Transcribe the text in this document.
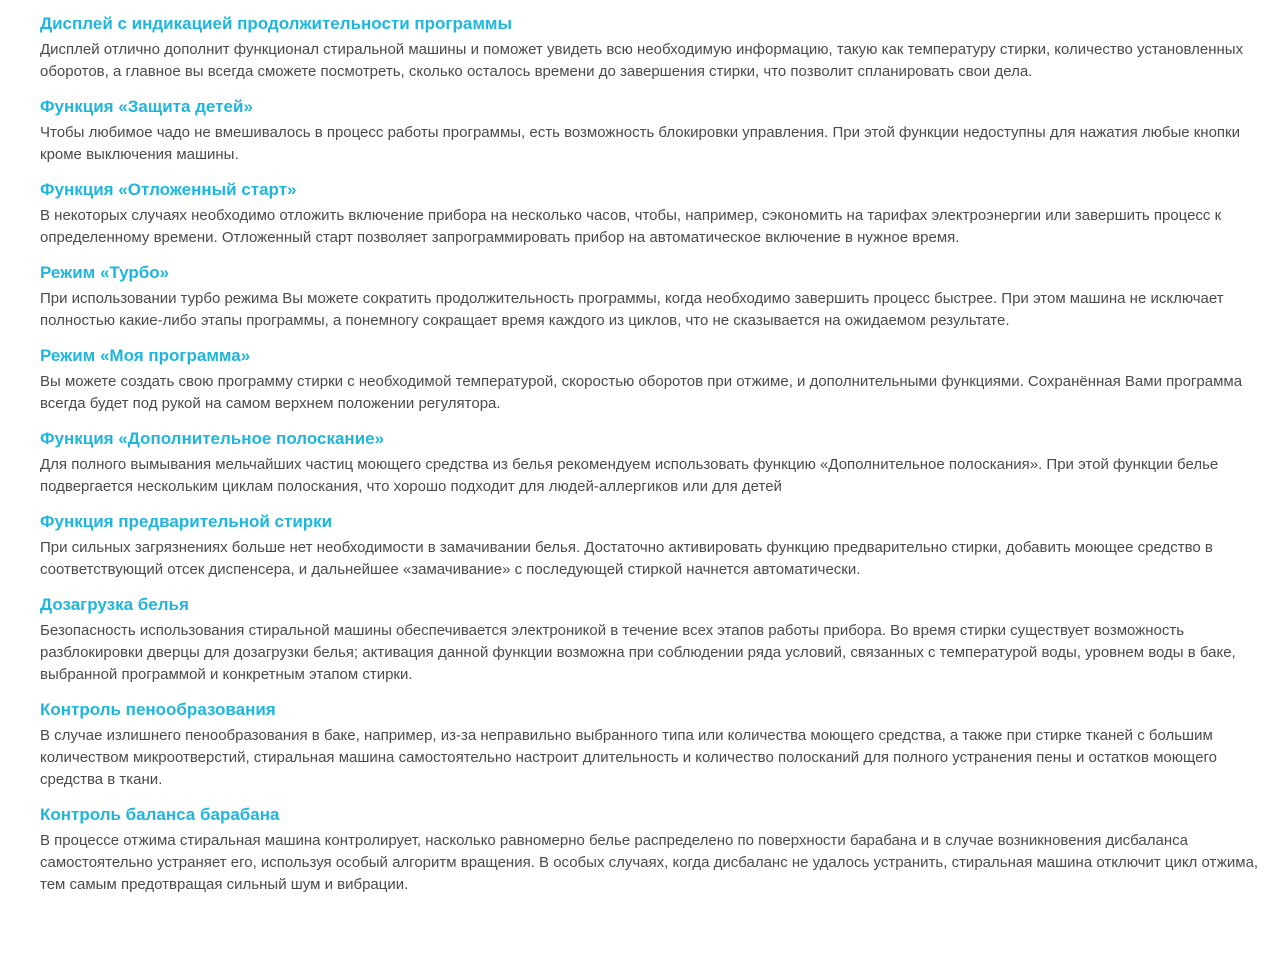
Дисплей с индикацией продолжительности программы

Дисплей отлично дополнит функционал стиральной машины и поможет увидеть всю необходимую информацию, такую как температуру стирки, количество установленных оборотов, а главное вы всегда сможете посмотреть, сколько осталось времени до завершения стирки, что позволит спланировать свои дела.

Функция «Защита детей»

Чтобы любимое чадо не вмешивалось в процесс работы программы, есть возможность блокировки управления. При этой функции недоступны для нажатия любые кнопки кроме выключения машины.

Функция «Отложенный старт»

В некоторых случаях необходимо отложить включение прибора на несколько часов, чтобы, например, сэкономить на тарифах электроэнергии или завершить процесс к определенному времени. Отложенный старт позволяет запрограммировать прибор на автоматическое включение в нужное время.

Режим «Турбо»

При использовании турбо режима Вы можете сократить продолжительность программы, когда необходимо завершить процесс быстрее. При этом машина не исключает полностью какие-либо этапы программы, а понемногу сокращает время каждого из циклов, что не сказывается на ожидаемом результате.

Режим «Моя программа»

Вы можете создать свою программу стирки с необходимой температурой, скоростью оборотов при отжиме, и дополнительными функциями. Сохранённая Вами программа всегда будет под рукой на самом верхнем положении регулятора.

Функция «Дополнительное полоскание»

Для полного вымывания мельчайших частиц моющего средства из белья рекомендуем использовать функцию «Дополнительное полоскания». При этой функции белье подвергается нескольким циклам полоскания, что хорошо подходит для людей-аллергиков или для детей

Функция предварительной стирки

При сильных загрязнениях больше нет необходимости в замачивании белья. Достаточно активировать функцию предварительно стирки, добавить моющее средство в соответствующий отсек диспенсера, и дальнейшее «замачивание» с последующей стиркой начнется автоматически.

Дозагрузка белья

Безопасность использования стиральной машины обеспечивается электроникой в течение всех этапов работы прибора. Во время стирки существует возможность разблокировки дверцы для дозагрузки белья; активация данной функции возможна при соблюдении ряда условий, связанных с температурой воды, уровнем воды в баке, выбранной программой и конкретным этапом стирки.

Контроль пенообразования

В случае излишнего пенообразования в баке, например, из-за неправильно выбранного типа или количества моющего средства, а также при стирке тканей с большим количеством микроотверстий, стиральная машина самостоятельно настроит длительность и количество полосканий для полного устранения пены и остатков моющего средства в ткани.

Контроль баланса барабана

В процессе отжима стиральная машина контролирует, насколько равномерно белье распределено по поверхности барабана и в случае возникновения дисбаланса самостоятельно устраняет его, используя особый алгоритм вращения. В особых случаях, когда дисбаланс не удалось устранить, стиральная машина отключит цикл отжима, тем самым предотвращая сильный шум и вибрации.
